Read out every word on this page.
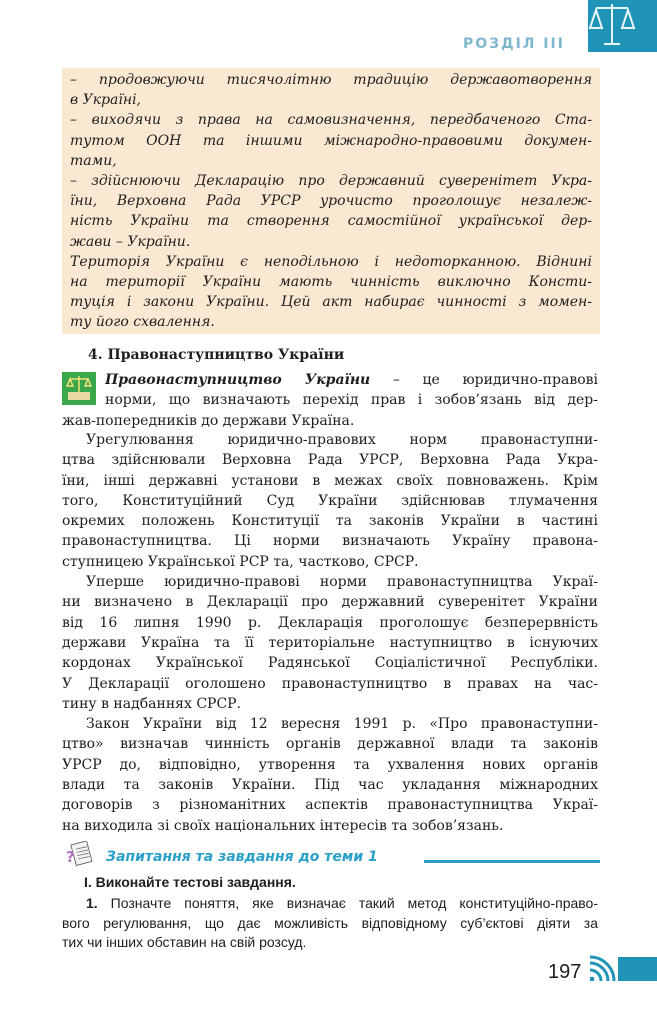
РОЗДІЛ III
– продовжуючи тисячолітню традицію державотворення
в Україні,
– виходячи з права на самовизначення, передбаченого Ста-
тутом ООН та іншими міжнародно-правовими докумен-
тами,
– здійснюючи Декларацію про державний суверенітет Укра-
їни, Верховна Рада УРСР урочисто проголошує незалеж-
ність України та створення самостійної української дер-
жави – України.
Територія України є неподільною і недоторканною. Віднині
на території України мають чинність виключно Консти-
туція і закони України. Цей акт набирає чинності з момен-
ту його схвалення.
4. Правонаступництво України
Правонаступництво України – це юридично-правові
норми, що визначають перехід прав і зобов’язань від дер-
жав-попередників до держави Україна.
Урегулювання юридично-правових норм правонаступни-
цтва здійснювали Верховна Рада УРСР, Верховна Рада Укра-
їни, інші державні установи в межах своїх повноважень. Крім
того, Конституційний Суд України здійснював тлумачення
окремих положень Конституції та законів України в частині
правонаступництва. Ці норми визначають Україну правона-
ступницею Української РСР та, частково, СРСР.
Уперше юридично-правові норми правонаступництва Украї-
ни визначено в Декларації про державний суверенітет України
від 16 липня 1990 р. Декларація проголошує безперервність
держави Україна та її територіальне наступництво в існуючих
кордонах Української Радянської Соціалістичної Республіки.
У Декларації оголошено правонаступництво в правах на час-
тину в надбаннях СРСР.
Закон України від 12 вересня 1991 р. «Про правонаступни-
цтво» визначав чинність органів державної влади та законів
УРСР до, відповідно, утворення та ухвалення нових органів
влади та законів України. Під час укладання міжнародних
договорів з різноманітних аспектів правонаступництва Украї-
на виходила зі своїх національних інтересів та зобов’язань.
? Запитання та завдання до теми 1
І. Виконайте тестові завдання.
1. Позначте поняття, яке визначає такий метод конституційно-право-
вого регулювання, що дає можливість відповідному суб’єктові діяти за
тих чи інших обставин на свій розсуд.
197
